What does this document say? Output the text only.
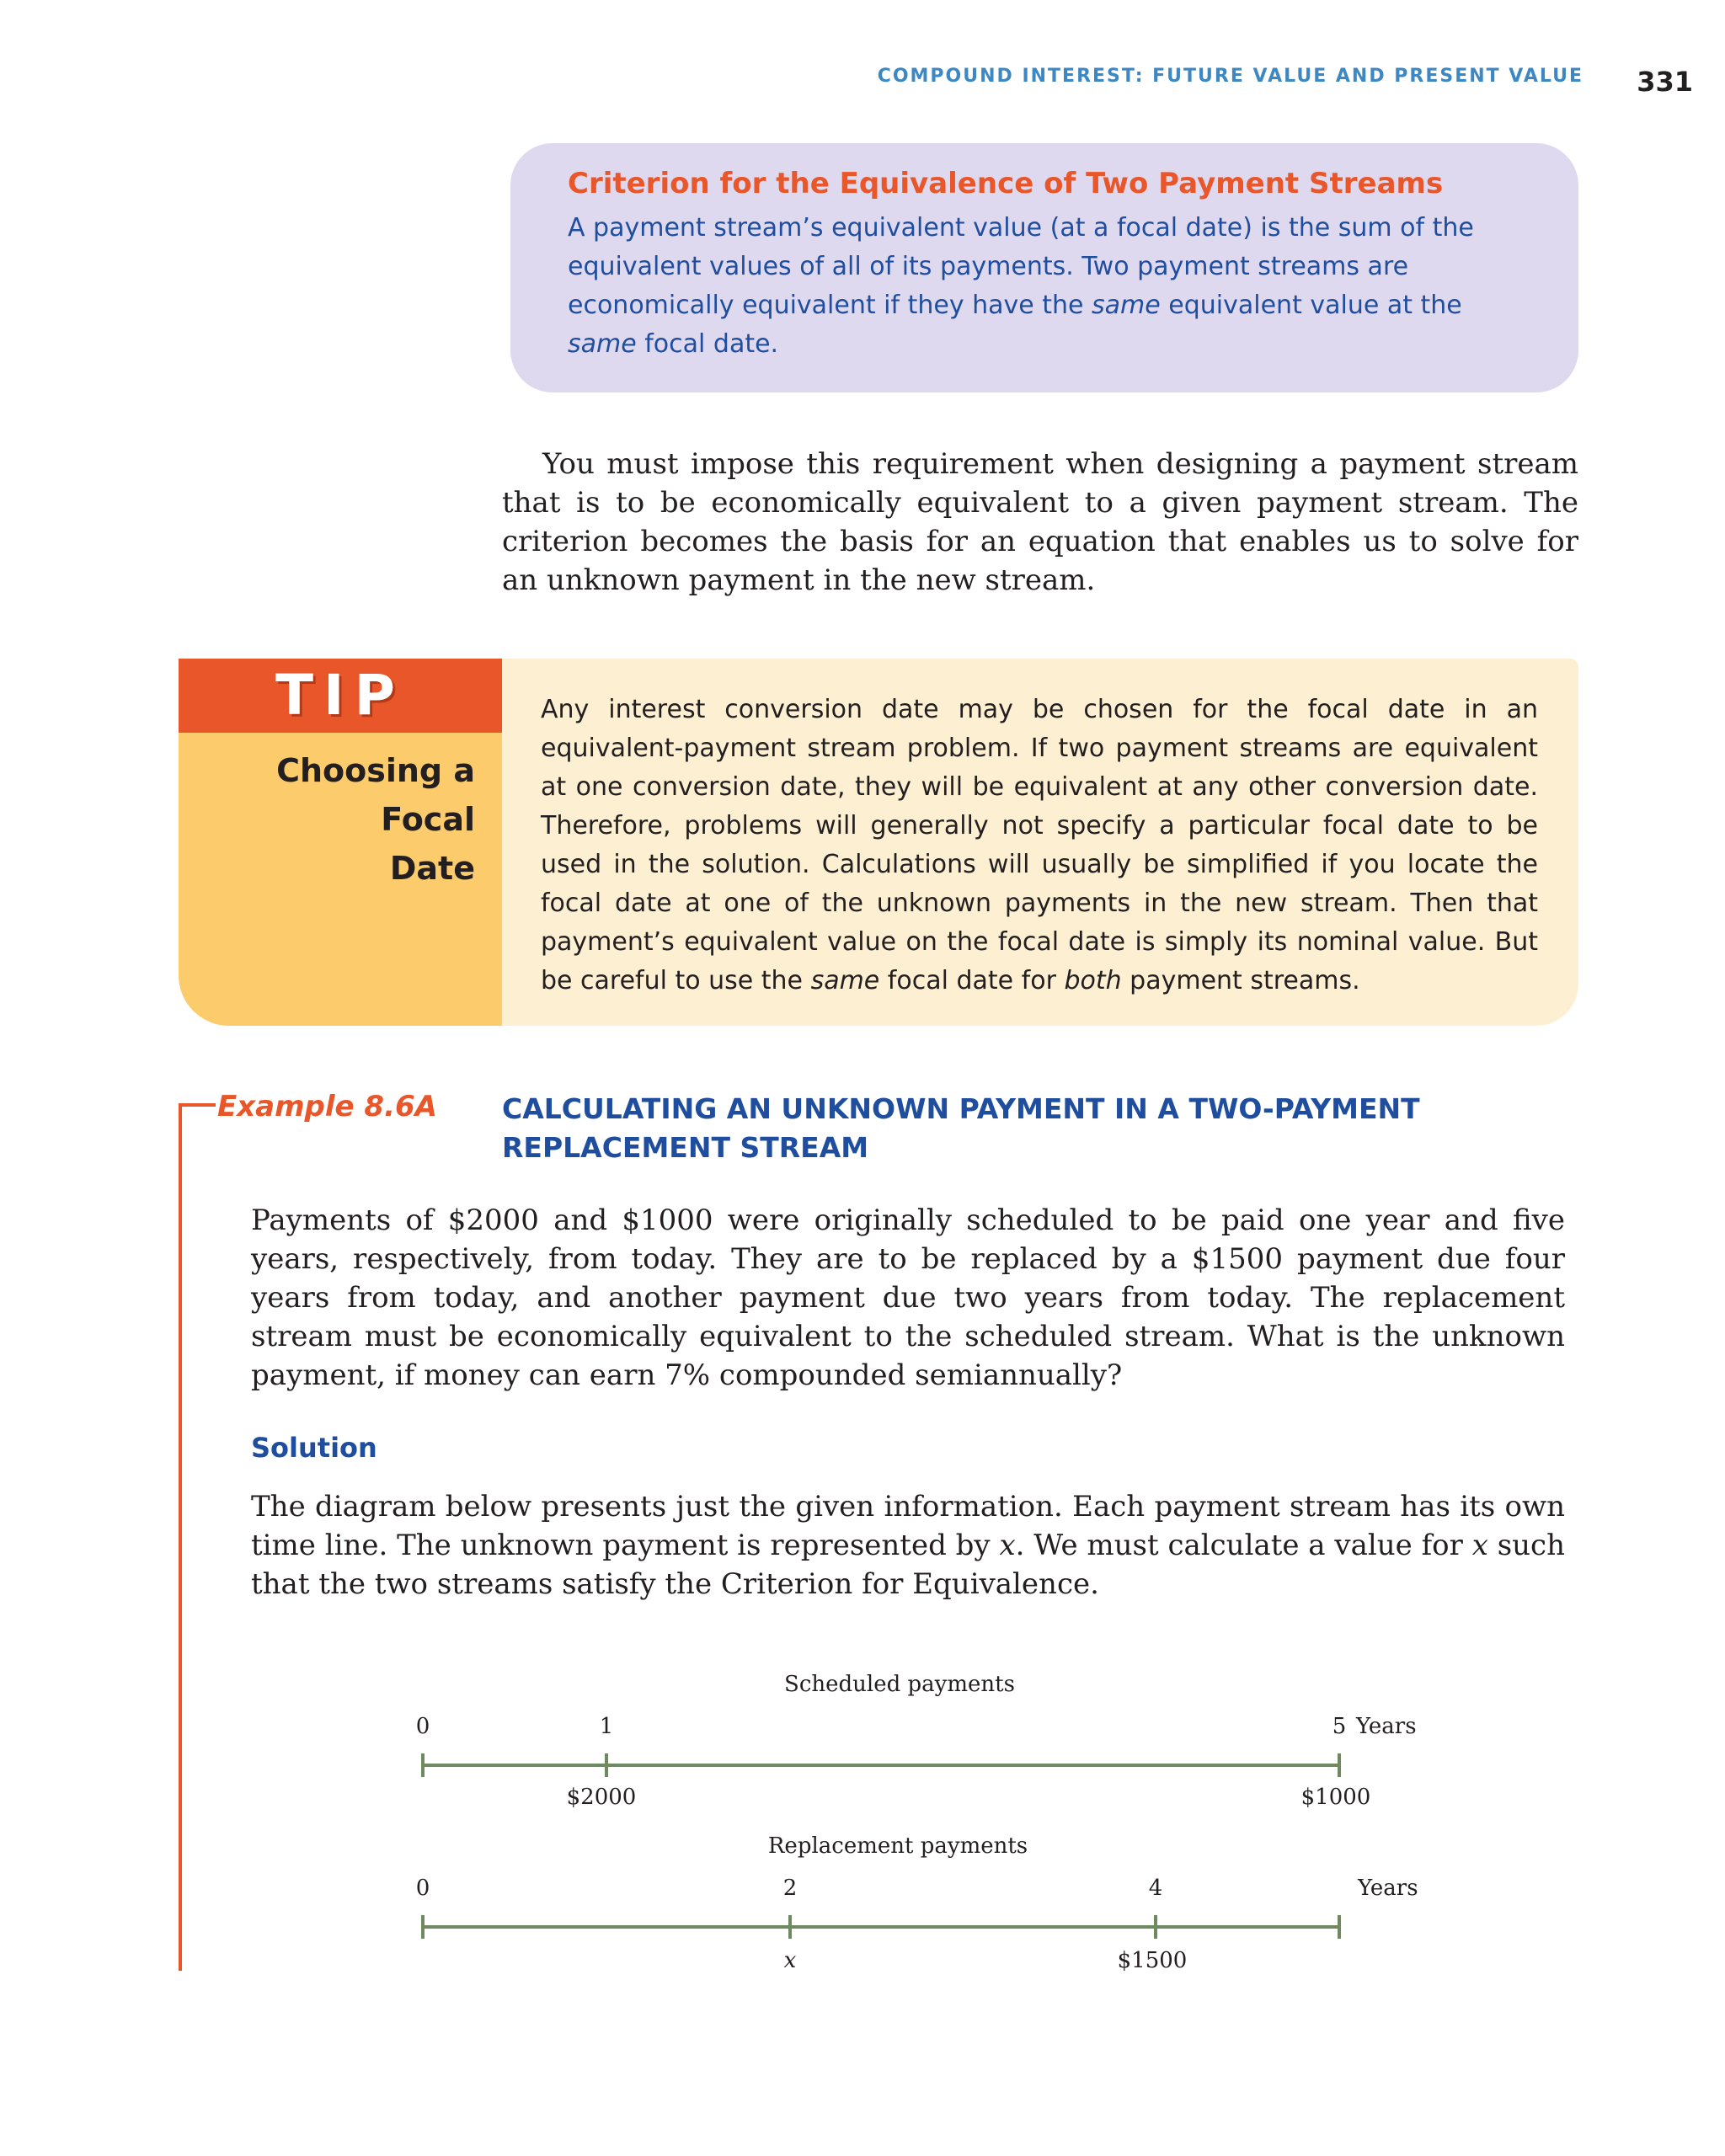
COMPOUND INTEREST: FUTURE VALUE AND PRESENT VALUE	331
Criterion for the Equivalence of Two Payment Streams
A payment stream’s equivalent value (at a focal date) is the sum of the equivalent values of all of its payments. Two payment streams are economically equivalent if they have the same equivalent value at the same focal date.
You must impose this requirement when designing a payment stream that is to be economically equivalent to a given payment stream. The criterion becomes the basis for an equation that enables us to solve for an unknown payment in the new stream.
TIP
Choosing a Focal
Date
Any interest conversion date may be chosen for the focal date in an equivalent-payment stream problem. If two payment streams are equivalent at one conversion date, they will be equivalent at any other conversion date. Therefore, problems will generally not specify a particular focal date to be used in the solution. Calculations will usually be simplified if you locate the focal date at one of the unknown payments in the new stream. Then that payment’s equivalent value on the focal date is simply its nominal value. But be careful to use the same focal date for both payment streams.
Example 8.6A CALCULATING AN UNKNOWN PAYMENT IN A TWO-PAYMENT
REPLACEMENT STREAM
Payments of $2000 and $1000 were originally scheduled to be paid one year and five years, respectively, from today. They are to be replaced by a $1500 payment due four years from today, and another payment due two years from today. The replacement stream must be economically equivalent to the scheduled stream. What is the unknown payment, if money can earn 7% compounded semiannually?
Solution
The diagram below presents just the given information. Each payment stream has its own time line. The unknown payment is represented by x. We must calculate a value for x such that the two streams satisfy the Criterion for Equivalence.
Scheduled payments
0	1	5 Years
$2000	$1000
Replacement payments
0	2	4	Years
x	$1500
